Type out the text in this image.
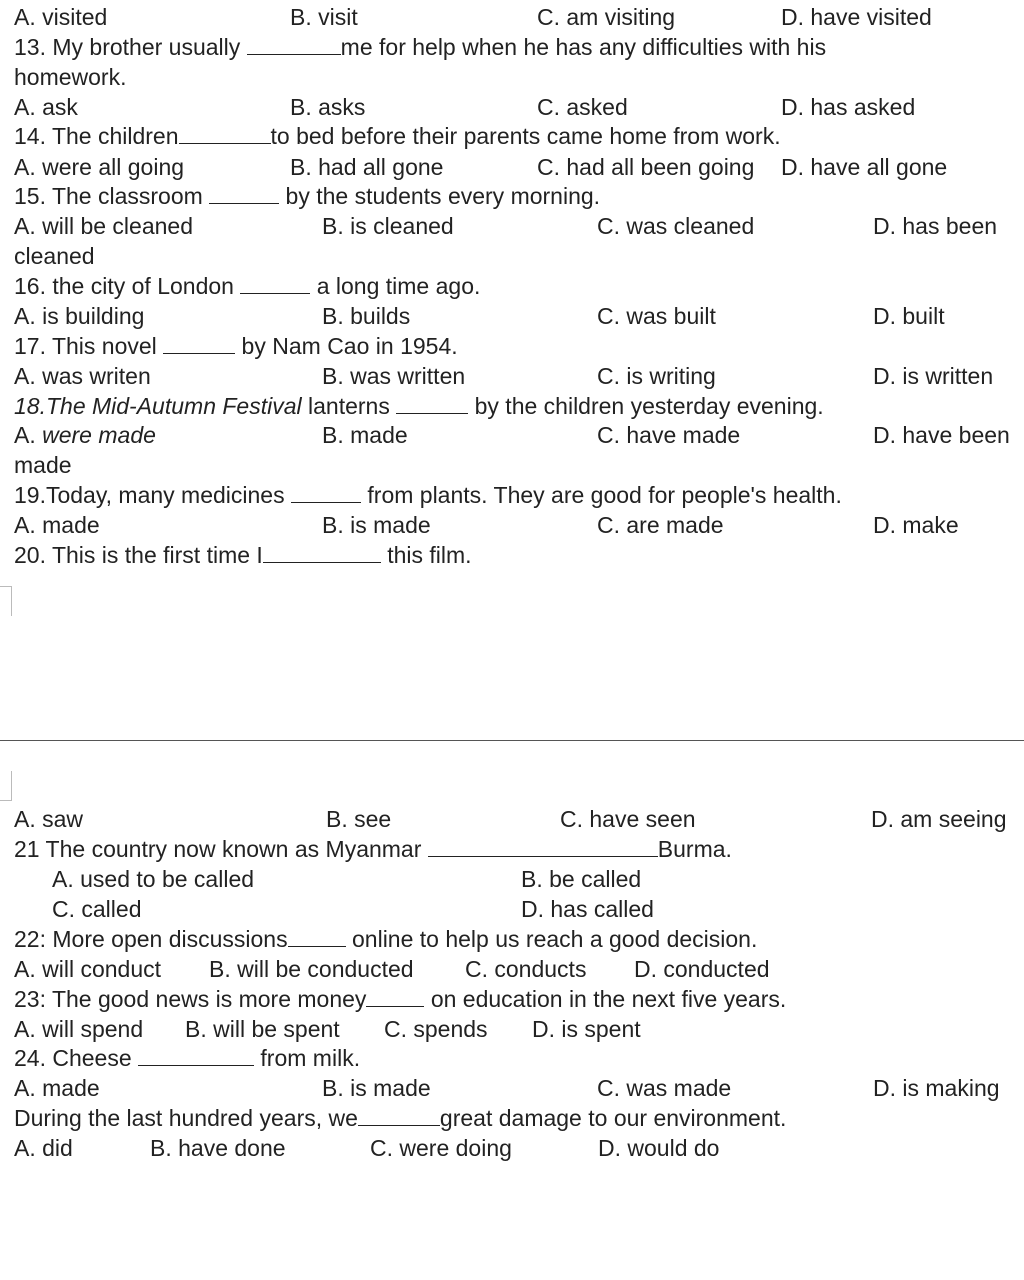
A. visited	B. visit	C. am visiting	D. have visited
13. My brother usually	me for help when he has any difficulties with his
homework.
A. ask	B. asks	C. asked	D. has asked
14. The children	to bed before their parents came home from work.
A. were all going	B. had all gone	C. had all been going D. have all gone
15. The classroom	by the students every morning.
A. will be cleaned	B. is cleaned	C. was cleaned	D. has been
cleaned
16. the city of London	a long time ago.
A. is building	B. builds	C. was built	D. built
17. This novel	by Nam Cao in 1954.
A. was writen	B. was written	C. is writing	D. is written
18.The Mid-Autumn Festival lanterns	by the children yesterday evening.
A. were made	B. made	C. have made	D. have been
made
19.Today, many medicines	from plants. They are good for people's health.
A. made	B. is made	C. are made	D. make
20. This is the first time I	this film.
A. saw	B. see	C. have seen	D. am seeing
21 The country now known as Myanmar	Burma.
A. used to be called	B. be called
C. called	D. has called
22: More open discussions	online to help us reach a good decision.
A. will conduct B. will be conducted C. conducts D. conducted
23: The good news is more money	on education in the next five years.
A. will spend B. will be spent C. spends D. is spent
24. Cheese	from milk.
A. made	B. is made	C. was made	D. is making
During the last hundred years, we	great damage to our environment.
A. did	B. have done	C. were doing	D. would do
